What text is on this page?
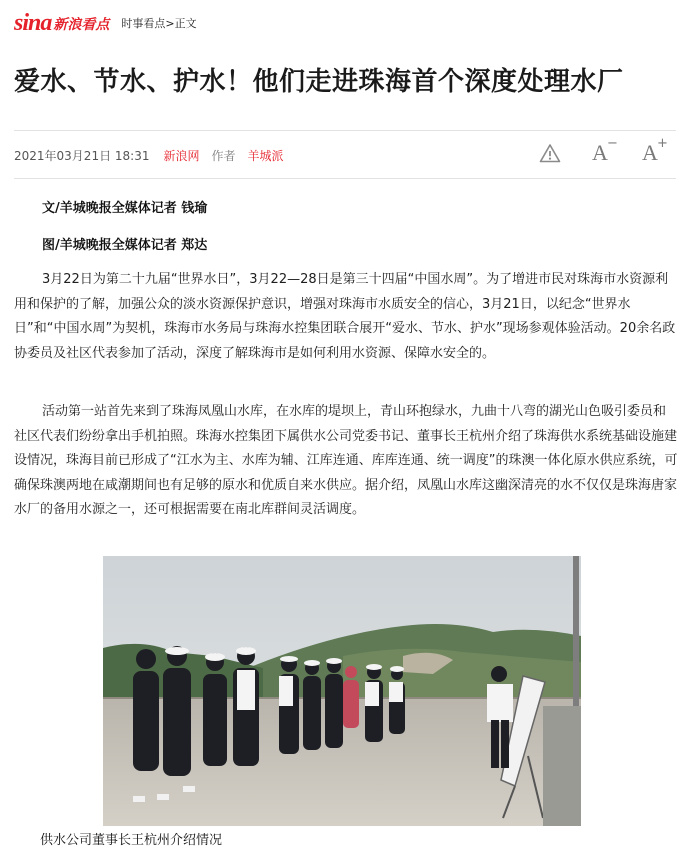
sina 新浪看点 时事看点>正文
爱水、节水、护水！他们走进珠海首个深度处理水厂
2021年03月21日 18:31 新浪网 作者 羊城派	A − A +
文/羊城晚报全媒体记者 钱瑜
图/羊城晚报全媒体记者 郑达

3月22日为第二十九届“世界水日”，3月22—28日是第三十四届“中国水周”。为了增进市民对珠海市水资源利用和保护的了解，加强公众的淡水资源保护意识，增强对珠海市水质安全的信心，3月21日，以纪念“世界水日”和“中国水周”为契机，珠海市水务局与珠海水控集团联合展开“爱水、节水、护水”现场参观体验活动。20余名政协委员及社区代表参加了活动，深度了解珠海市是如何利用水资源、保障水安全的。

活动第一站首先来到了珠海凤凰山水库，在水库的堤坝上，青山环抱绿水，九曲十八弯的湖光山色吸引委员和社区代表们纷纷拿出手机拍照。珠海水控集团下属供水公司党委书记、董事长王杭州介绍了珠海供水系统基础设施建设情况，珠海目前已形成了“江水为主、水库为辅、江库连通、库库连通、统一调度”的珠澳一体化原水供应系统，可确保珠澳两地在咸潮期间也有足够的原水和优质自来水供应。据介绍，凤凰山水库这幽深清亮的水不仅仅是珠海唐家水厂的备用水源之一，还可根据需要在南北库群间灵活调度。

供水公司董事长王杭州介绍情况
